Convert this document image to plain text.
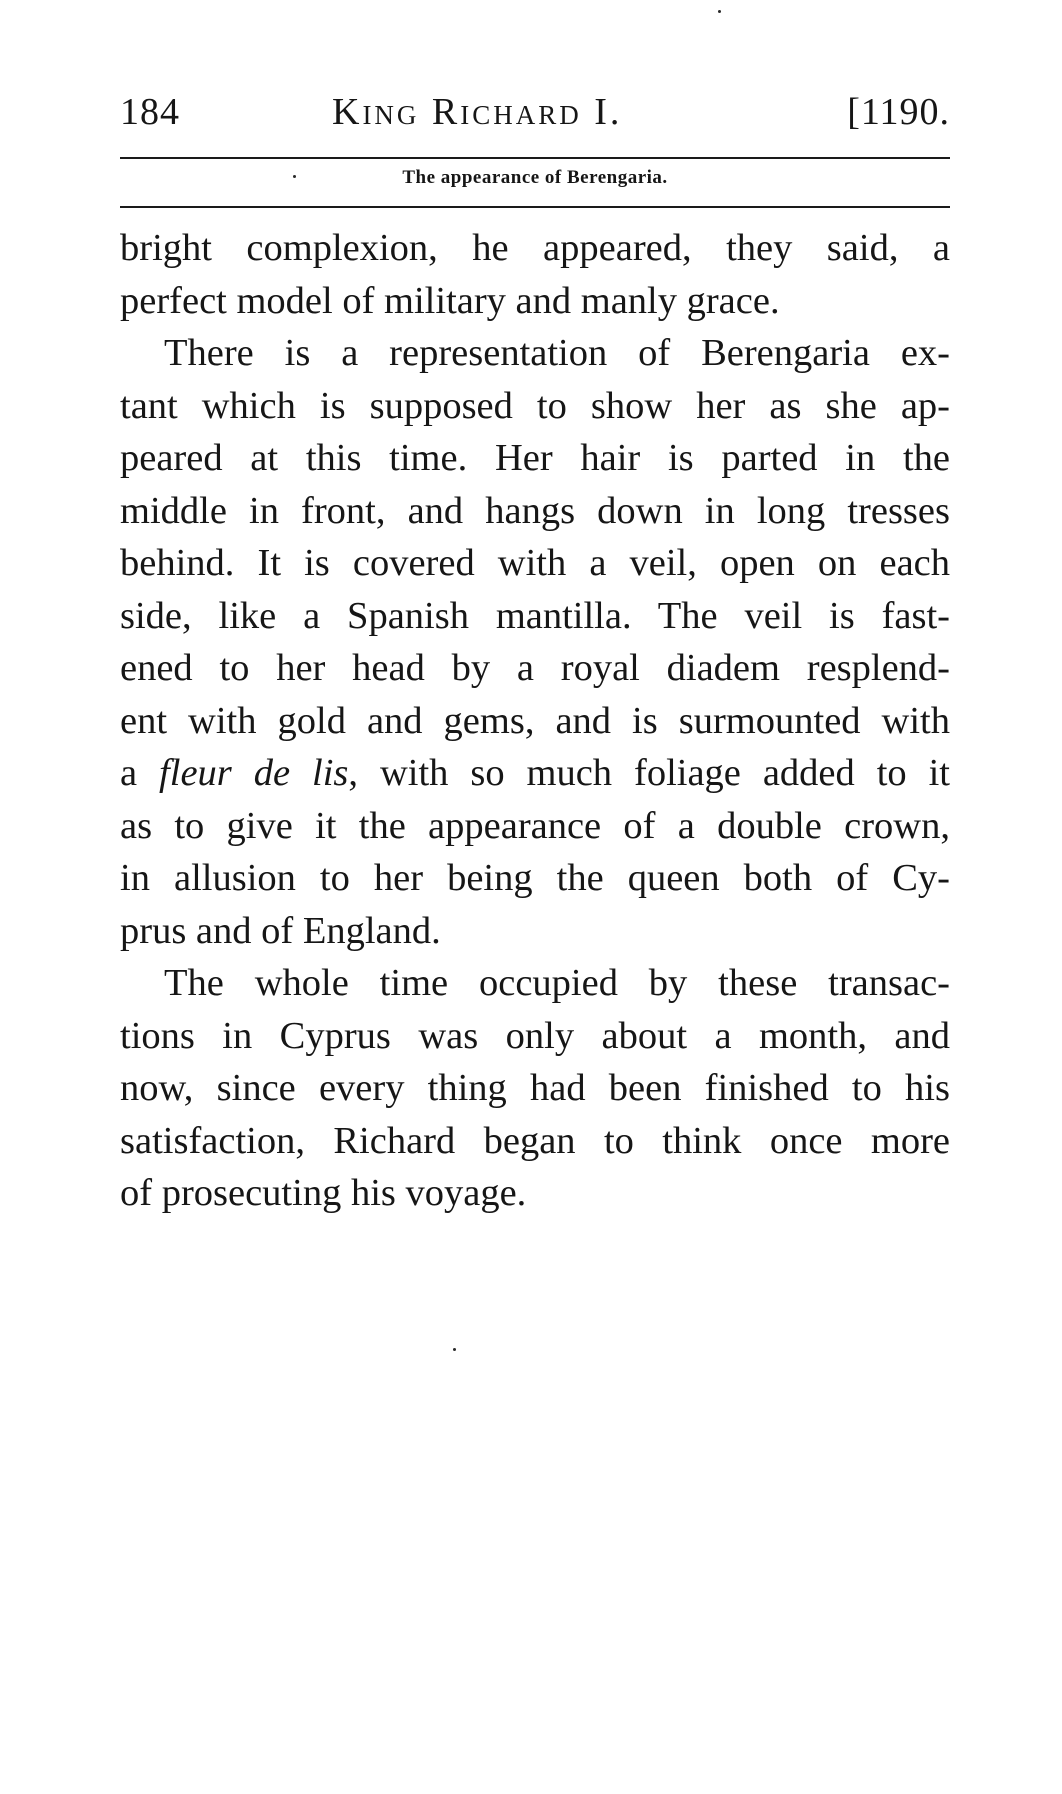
184	King Richard I.	[1190.
The appearance of Berengaria.

bright complexion, he appeared, they said, a
perfect model of military and manly grace.

There is a representation of Berengaria ex-
tant which is supposed to show her as she ap-
peared at this time. Her hair is parted in the
middle in front, and hangs down in long tresses
behind. It is covered with a veil, open on each
side, like a Spanish mantilla. The veil is fast-
ened to her head by a royal diadem resplend-
ent with gold and gems, and is surmounted with
a fleur de lis, with so much foliage added to it
as to give it the appearance of a double crown,
in allusion to her being the queen both of Cy-
prus and of England.

The whole time occupied by these transac-
tions in Cyprus was only about a month, and
now, since every thing had been finished to his
satisfaction, Richard began to think once more
of prosecuting his voyage.
